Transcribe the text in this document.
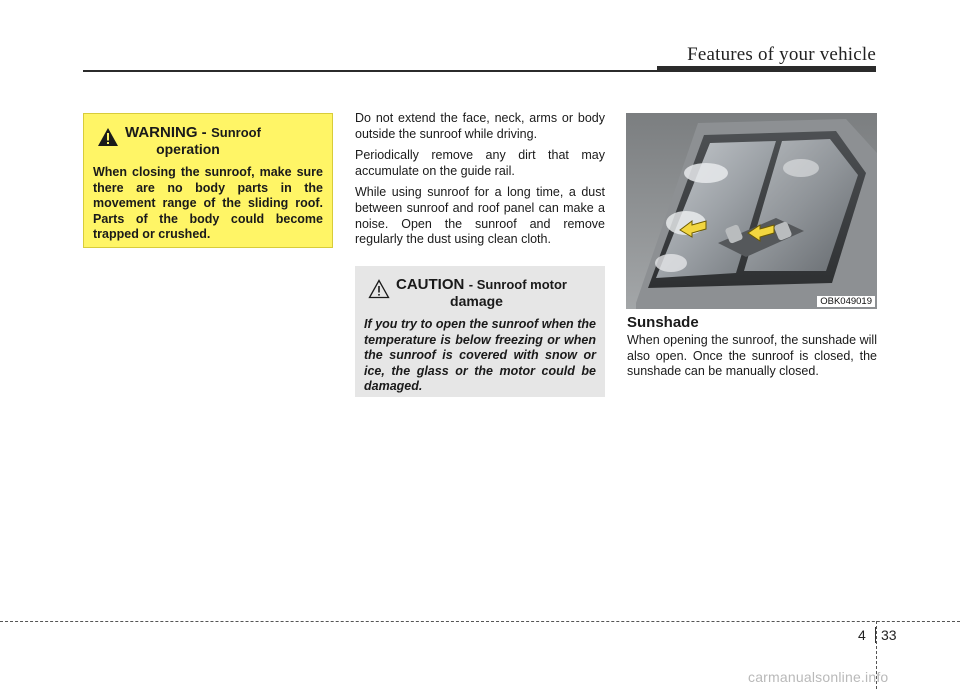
Features of your vehicle
WARNING - Sunroof
operation
When closing the sunroof, make sure there are no body parts in the movement range of the sliding roof. Parts of the body could become trapped or crushed.

Do not extend the face, neck, arms or body outside the sunroof while driving.

Periodically remove any dirt that may accumulate on the guide rail.

While using sunroof for a long time, a dust between sunroof and roof panel can make a noise. Open the sunroof and remove regularly the dust using clean cloth.

CAUTION - Sunroof motor
damage
If you try to open the sunroof when the temperature is below freezing or when the sunroof is covered with snow or ice, the glass or the motor could be damaged.
OBK049019
Sunshade
When opening the sunroof, the sunshade will also open. Once the sunroof is closed, the sunshade can be manually closed.
4 33
carmanualsonline.info
